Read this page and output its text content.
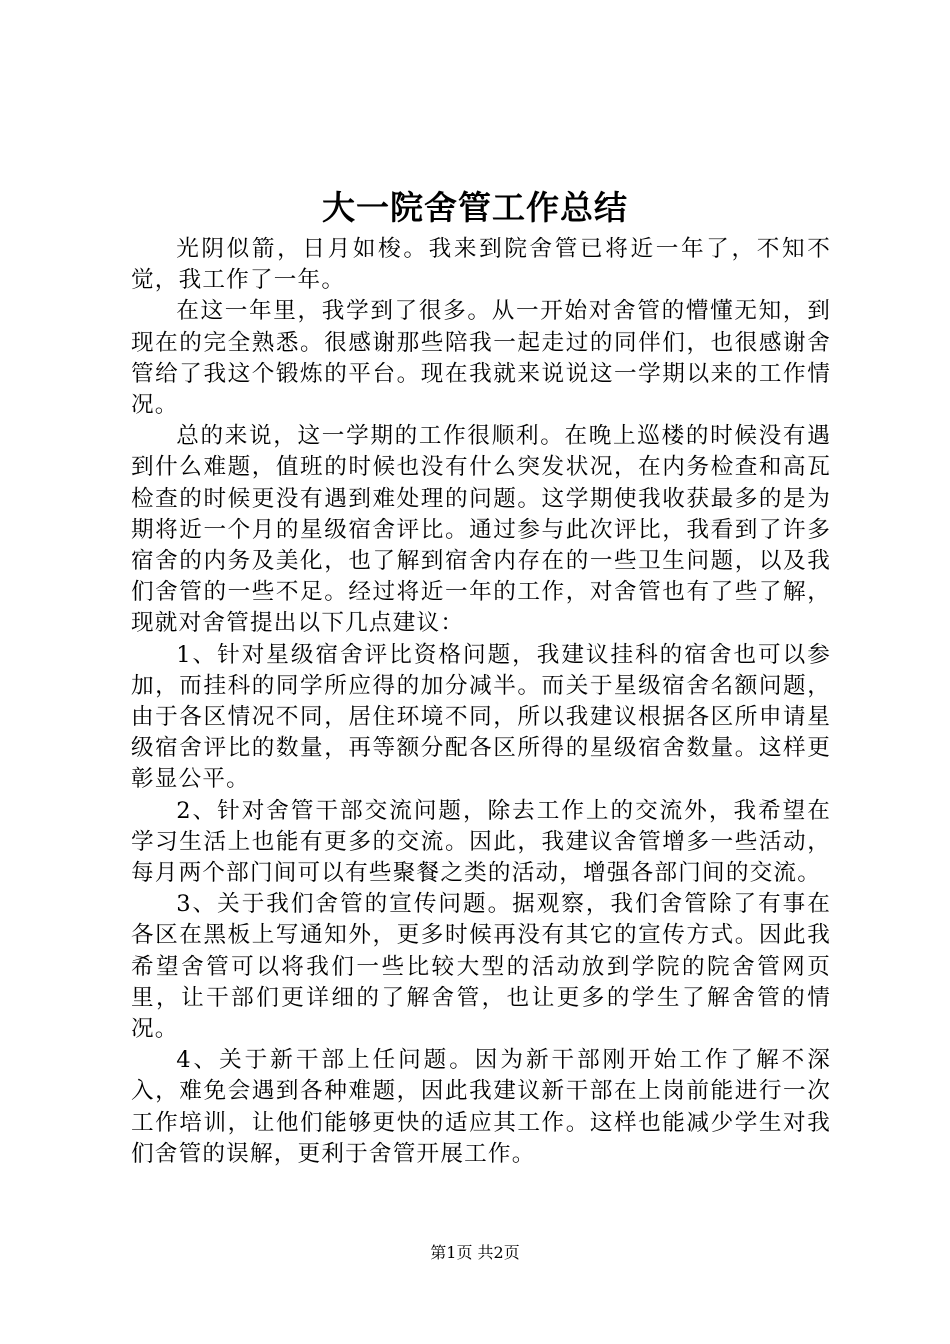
大一院舍管工作总结

光阴似箭，日月如梭。我来到院舍管已将近一年了，不知不觉，我工作了一年。

在这一年里，我学到了很多。从一开始对舍管的懵懂无知，到现在的完全熟悉。很感谢那些陪我一起走过的同伴们，也很感谢舍管给了我这个锻炼的平台。现在我就来说说这一学期以来的工作情况。

总的来说，这一学期的工作很顺利。在晚上巡楼的时候没有遇到什么难题，值班的时候也没有什么突发状况，在内务检查和高瓦检查的时候更没有遇到难处理的问题。这学期使我收获最多的是为期将近一个月的星级宿舍评比。通过参与此次评比，我看到了许多宿舍的内务及美化，也了解到宿舍内存在的一些卫生问题，以及我们舍管的一些不足。经过将近一年的工作，对舍管也有了些了解，现就对舍管提出以下几点建议：

1、针对星级宿舍评比资格问题，我建议挂科的宿舍也可以参加，而挂科的同学所应得的加分减半。而关于星级宿舍名额问题，由于各区情况不同，居住环境不同，所以我建议根据各区所申请星级宿舍评比的数量，再等额分配各区所得的星级宿舍数量。这样更彰显公平。

2、针对舍管干部交流问题，除去工作上的交流外，我希望在学习生活上也能有更多的交流。因此，我建议舍管增多一些活动，每月两个部门间可以有些聚餐之类的活动，增强各部门间的交流。

3、关于我们舍管的宣传问题。据观察，我们舍管除了有事在各区在黑板上写通知外，更多时候再没有其它的宣传方式。因此我希望舍管可以将我们一些比较大型的活动放到学院的院舍管网页里，让干部们更详细的了解舍管，也让更多的学生了解舍管的情况。

4、关于新干部上任问题。因为新干部刚开始工作了解不深入，难免会遇到各种难题，因此我建议新干部在上岗前能进行一次工作培训，让他们能够更快的适应其工作。这样也能减少学生对我们舍管的误解，更利于舍管开展工作。

第1页 共2页
